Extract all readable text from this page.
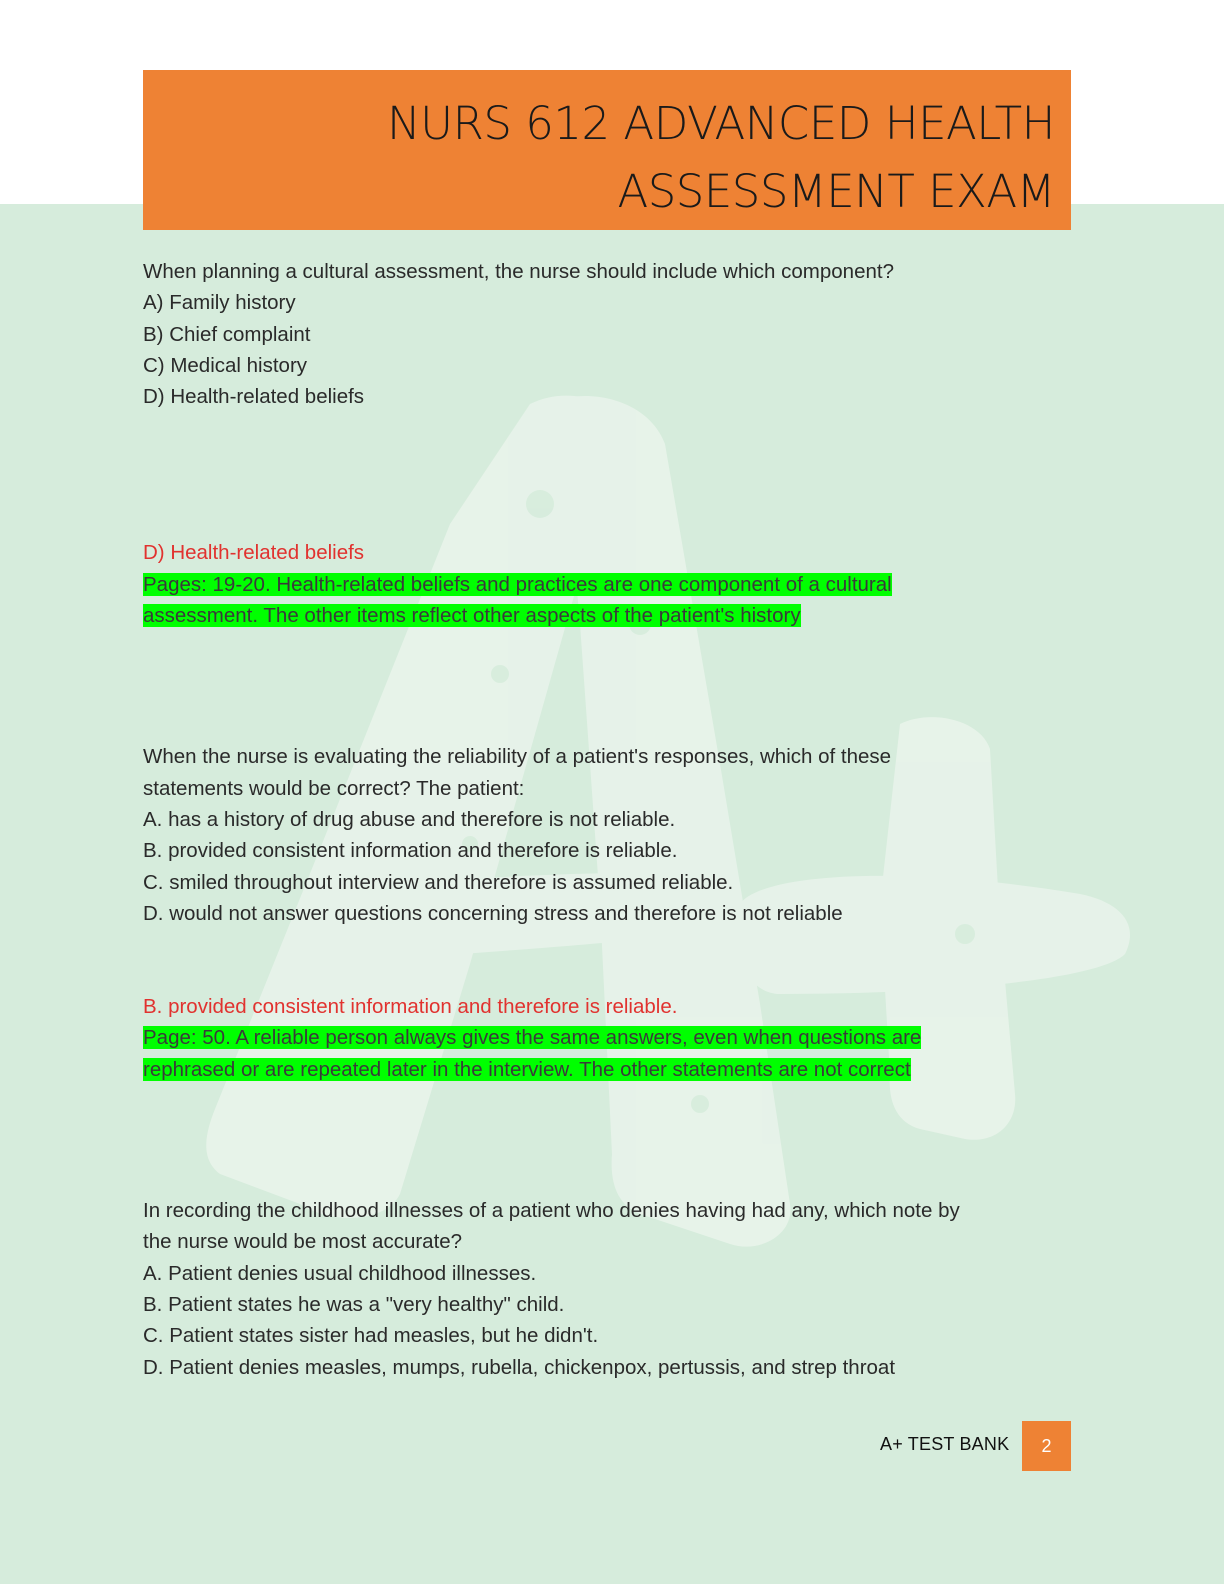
NURS 612 ADVANCED HEALTH
ASSESSMENT EXAM
When planning a cultural assessment, the nurse should include which component?
A) Family history
B) Chief complaint
C) Medical history
D) Health-related beliefs
D) Health-related beliefs
Pages: 19-20. Health-related beliefs and practices are one component of a cultural
assessment. The other items reflect other aspects of the patient's history
When the nurse is evaluating the reliability of a patient's responses, which of these
statements would be correct? The patient:
A. has a history of drug abuse and therefore is not reliable.
B. provided consistent information and therefore is reliable.
C. smiled throughout interview and therefore is assumed reliable.
D. would not answer questions concerning stress and therefore is not reliable
B. provided consistent information and therefore is reliable.
Page: 50. A reliable person always gives the same answers, even when questions are
rephrased or are repeated later in the interview. The other statements are not correct
In recording the childhood illnesses of a patient who denies having had any, which note by
the nurse would be most accurate?
A. Patient denies usual childhood illnesses.
B. Patient states he was a "very healthy" child.
C. Patient states sister had measles, but he didn't.
D. Patient denies measles, mumps, rubella, chickenpox, pertussis, and strep throat
A+ TEST BANK	2
